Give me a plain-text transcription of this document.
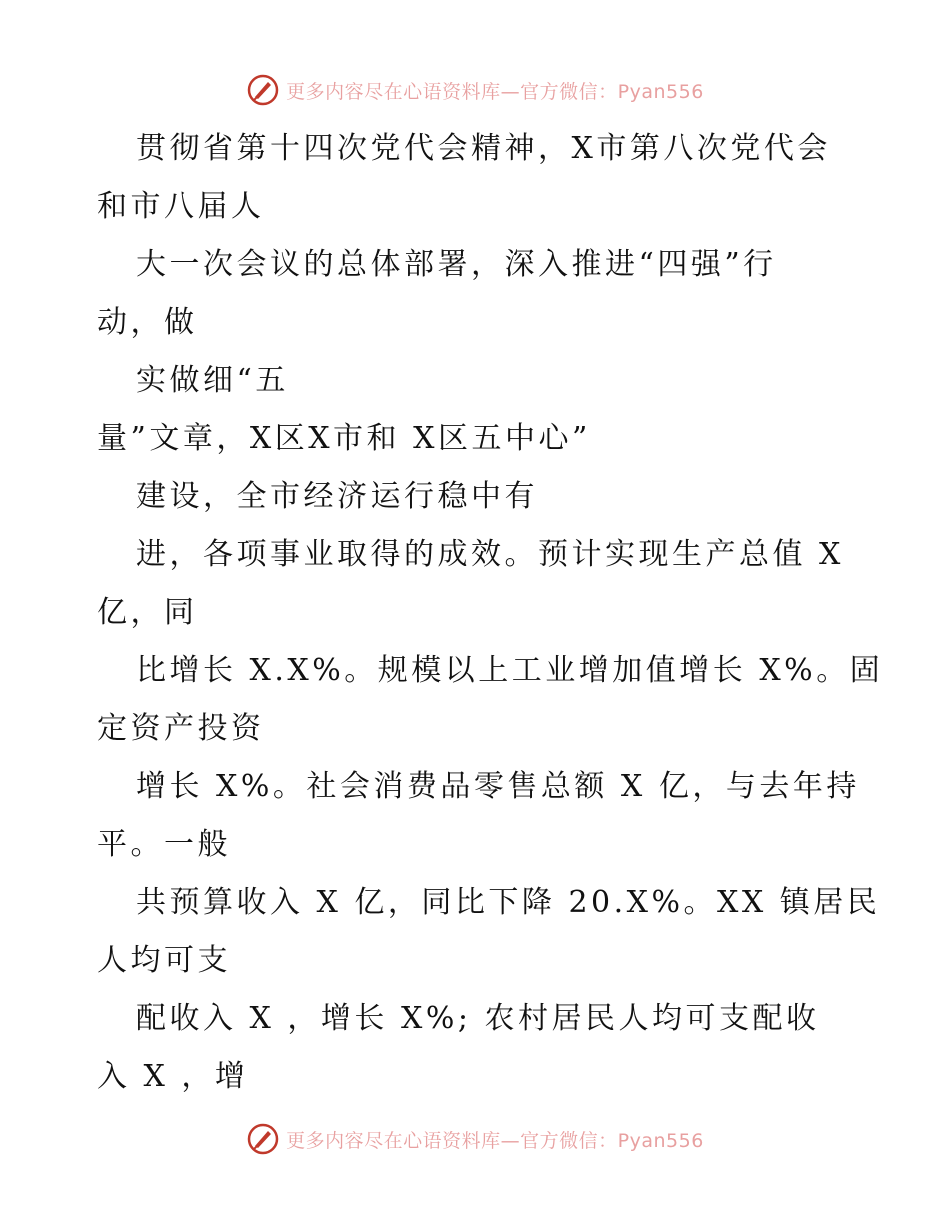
更多内容尽在心语资料库—官方微信：Pyan556
贯彻省第十四次党代会精神，X市第八次党代会
和市八届人
大一次会议的总体部署，深入推进“四强”行
动，做
实做细“五
量”文章，X区X市和 X区五中心”
建设，全市经济运行稳中有
进，各项事业取得的成效。预计实现生产总值 X
亿，同
比增长 X.X%。规模以上工业增加值增长 X%。固
定资产投资
增长 X%。社会消费品零售总额 X 亿，与去年持
平。一般
共预算收入 X 亿，同比下降 20.X%。XX 镇居民
人均可支
配收入 X ，增长 X%; 农村居民人均可支配收
入 X ，增
更多内容尽在心语资料库—官方微信：Pyan556
